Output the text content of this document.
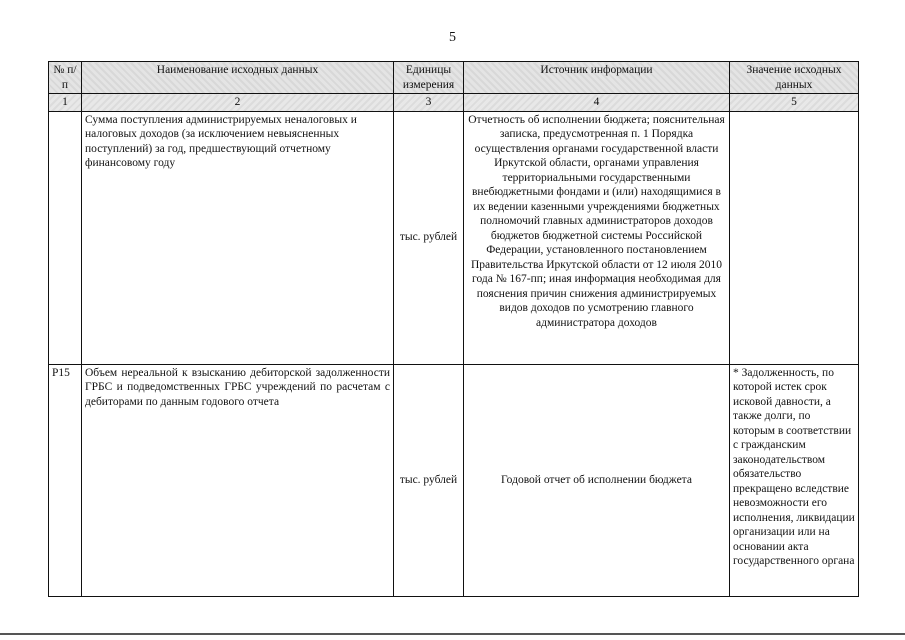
5
№ п/п	Наименование исходных данных	Единицы измерения	Источник информации	Значение исходных данных
1	2	3	4	5
	Сумма поступления администрируемых неналоговых и налоговых доходов (за исключением невыясненных поступлений) за год, предшествующий отчетному финансовому году	тыс. рублей	Отчетность об исполнении бюджета; пояснительная записка, предусмотренная п. 1 Порядка осуществления органами государственной власти Иркутской области, органами управления территориальными государственными внебюджетными фондами и (или) находящимися в их ведении казенными учреждениями бюджетных полномочий главных администраторов доходов бюджетов бюджетной системы Российской Федерации, установленного постановлением Правительства Иркутской области от 12 июля 2010 года № 167-пп; иная информация необходимая для пояснения причин снижения администрируемых видов доходов по усмотрению главного администратора доходов	
P15	Объем нереальной к взысканию дебиторской задолженности ГРБС и подведомственных ГРБС учреждений по расчетам с дебиторами по данным годового отчета	тыс. рублей	Годовой отчет об исполнении бюджета	* Задолженность, по которой истек срок исковой давности, а также долги, по которым в соответствии с гражданским законодательством обязательство прекращено вследствие невозможности его исполнения, ликвидации организации или на основании акта государственного органа
